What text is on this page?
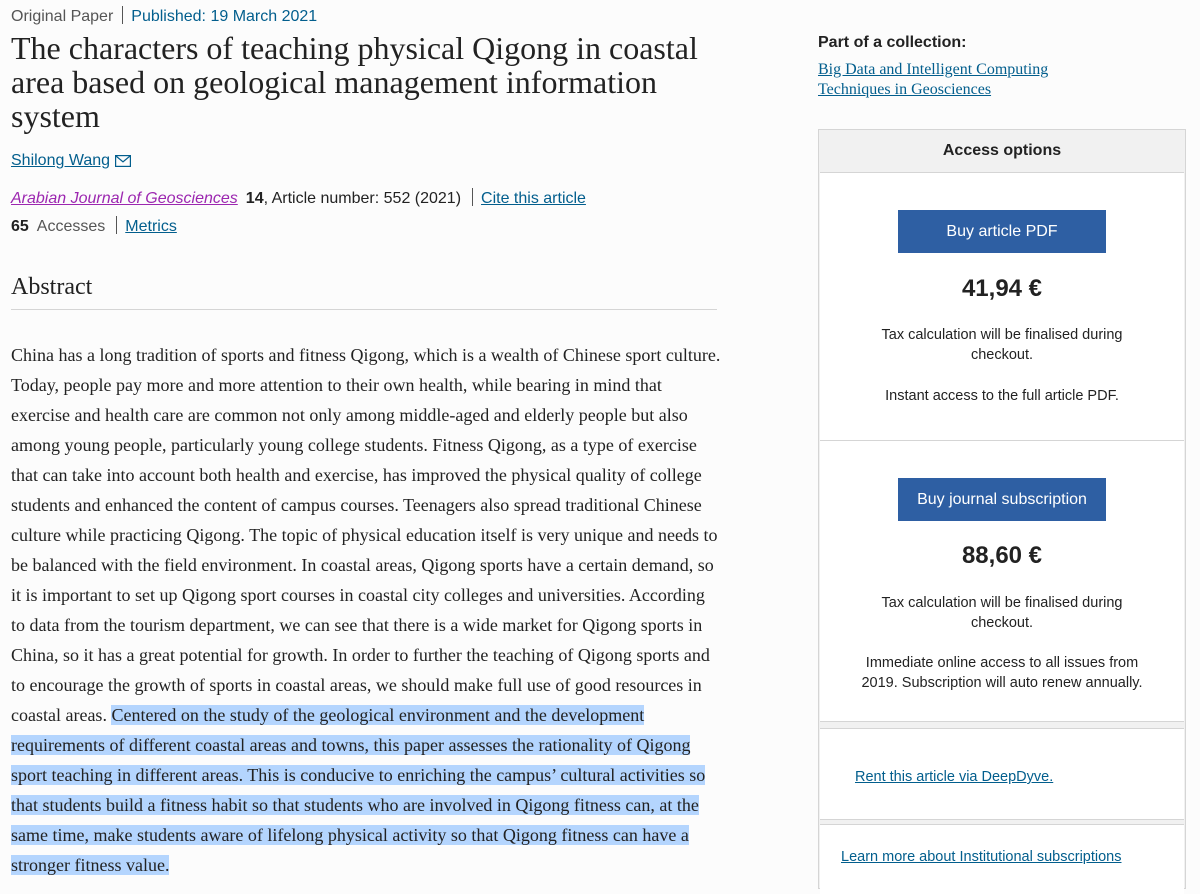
Original Paper Published: 19 March 2021
The characters of teaching physical Qigong in coastal area based on geological management information system
Shilong Wang
Arabian Journal of Geosciences 14, Article number: 552 (2021) Cite this article
65 Accesses Metrics
Abstract

China has a long tradition of sports and fitness Qigong, which is a wealth of Chinese sport culture. Today, people pay more and more attention to their own health, while bearing in mind that exercise and health care are common not only among middle-aged and elderly people but also among young people, particularly young college students. Fitness Qigong, as a type of exercise that can take into account both health and exercise, has improved the physical quality of college students and enhanced the content of campus courses. Teenagers also spread traditional Chinese culture while practicing Qigong. The topic of physical education itself is very unique and needs to be balanced with the field environment. In coastal areas, Qigong sports have a certain demand, so it is important to set up Qigong sport courses in coastal city colleges and universities. According to data from the tourism department, we can see that there is a wide market for Qigong sports in China, so it has a great potential for growth. In order to further the teaching of Qigong sports and to encourage the growth of sports in coastal areas, we should make full use of good resources in coastal areas. Centered on the study of the geological environment and the development requirements of different coastal areas and towns, this paper assesses the rationality of Qigong sport teaching in different areas. This is conducive to enriching the campus’ cultural activities so that students build a fitness habit so that students who are involved in Qigong fitness can, at the same time, make students aware of lifelong physical activity so that Qigong fitness can have a stronger fitness value.

Part of a collection:
Big Data and Intelligent Computing Techniques in Geosciences
Access options
Buy article PDF
41,94 €

Tax calculation will be finalised during checkout.

Instant access to the full article PDF.

Buy journal subscription
88,60 €

Tax calculation will be finalised during checkout.

Immediate online access to all issues from 2019. Subscription will auto renew annually.

Rent this article via DeepDyve.
Learn more about Institutional subscriptions
